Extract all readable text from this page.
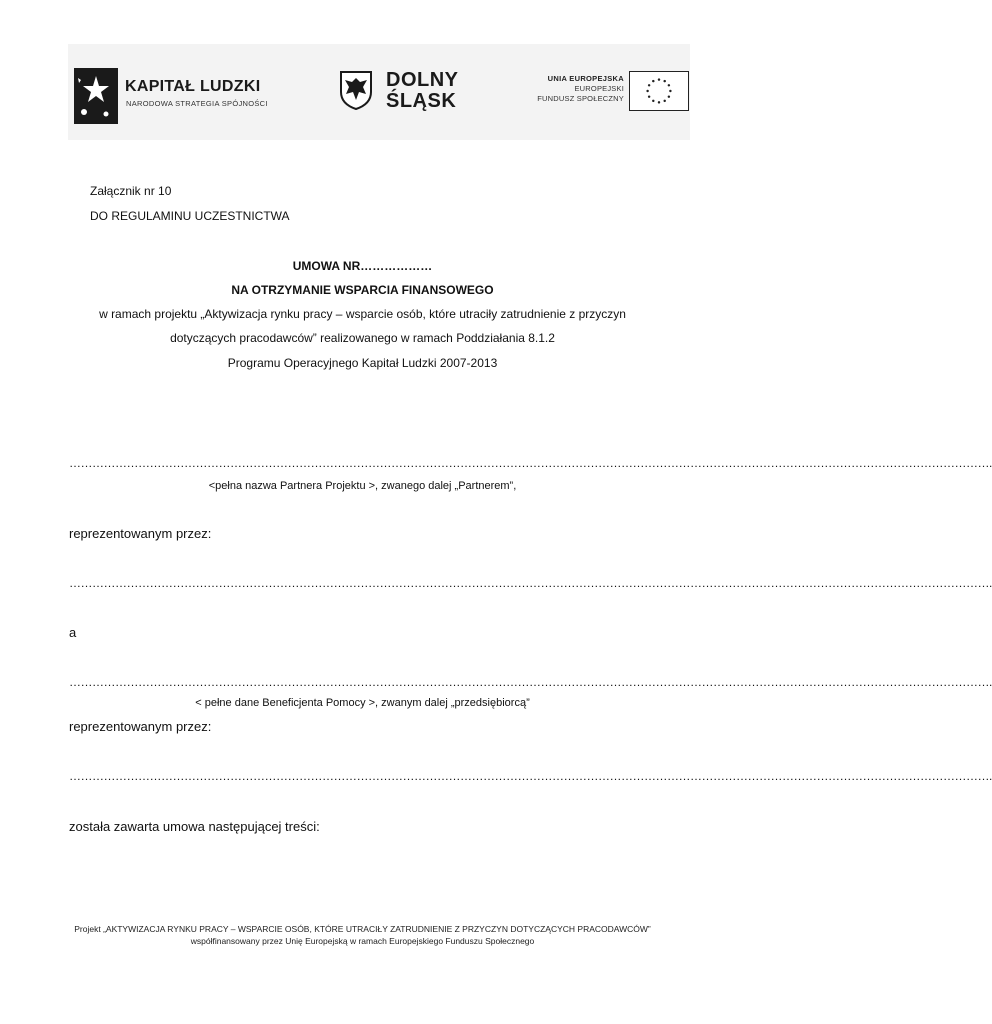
KAPITAŁ LUDZKI
NARODOWA STRATEGIA SPÓJNOŚCI
DOLNY
ŚLĄSK
UNIA EUROPEJSKA
EUROPEJSKI
FUNDUSZ SPOŁECZNY
Załącznik nr 10
DO REGULAMINU UCZESTNICTWA
UMOWA NR………………
NA OTRZYMANIE WSPARCIA FINANSOWEGO
w ramach projektu „Aktywizacja rynku pracy – wsparcie osób, które utraciły zatrudnienie z przyczyn
dotyczących pracodawców” realizowanego w ramach Poddziałania 8.1.2
Programu Operacyjnego Kapitał Ludzki 2007-2013
…………………………………………………………………………………………………………………………………………………………………………………………………………………….
<pełna nazwa Partnera Projektu >, zwanego dalej „Partnerem”,
reprezentowanym przez:
…………………………………………………………………………………………………………………………………………………………………………………………………………………….
a
…………………………………………………………………………………………………………………………………………………………………………………………………………………….
< pełne dane Beneficjenta Pomocy >, zwanym dalej „przedsiębiorcą”
reprezentowanym przez:
…………………………………………………………………………………………………………………………………………………………………………………………………………………….
została zawarta umowa następującej treści:
Projekt „AKTYWIZACJA RYNKU PRACY – WSPARCIE OSÓB, KTÓRE UTRACIŁY ZATRUDNIENIE Z PRZYCZYN DOTYCZĄCYCH PRACODAWCÓW”
współfinansowany przez Unię Europejską w ramach Europejskiego Funduszu Społecznego
